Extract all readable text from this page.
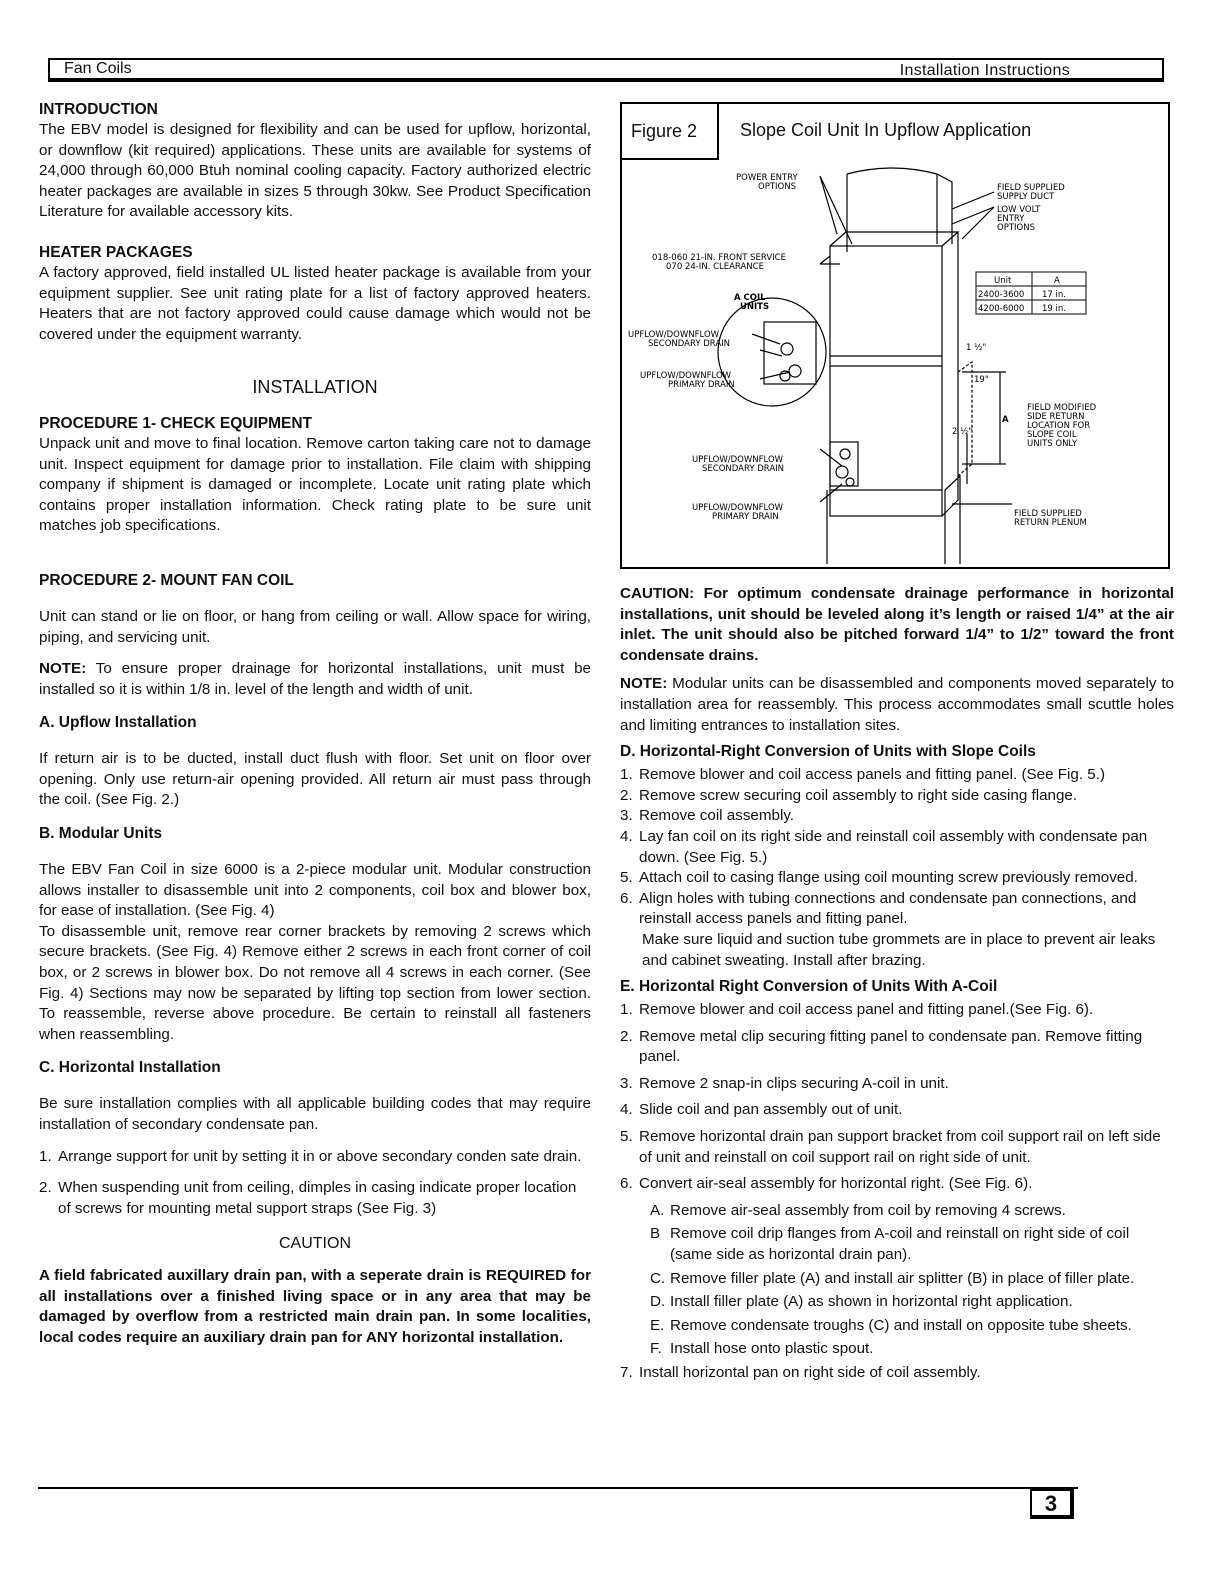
Fan Coils	Installation Instructions
INTRODUCTION

The EBV model is designed for flexibility and can be used for upflow, horizontal, or downflow (kit required) applications. These units are available for systems of 24,000 through 60,000 Btuh nominal cooling capacity. Factory authorized electric heater packages are available in sizes 5 through 30kw. See Product Specification Literature for available accessory kits.

HEATER PACKAGES

A factory approved, field installed UL listed heater package is available from your equipment supplier. See unit rating plate for a list of factory approved heaters. Heaters that are not factory approved could cause damage which would not be covered under the equipment warranty.

INSTALLATION
PROCEDURE 1- CHECK EQUIPMENT

Unpack unit and move to final location. Remove carton taking care not to damage unit. Inspect equipment for damage prior to installation. File claim with shipping company if shipment is damaged or incomplete. Locate unit rating plate which contains proper installation information. Check rating plate to be sure unit matches job specifications.

PROCEDURE 2- MOUNT FAN COIL

Unit can stand or lie on floor, or hang from ceiling or wall. Allow space for wiring, piping, and servicing unit.

NOTE: To ensure proper drainage for horizontal installations, unit must be installed so it is within 1/8 in. level of the length and width of unit.

A. Upflow Installation

If return air is to be ducted, install duct flush with floor. Set unit on floor over opening. Only use return-air opening provided. All return air must pass through the coil. (See Fig. 2.)

B. Modular Units

The EBV Fan Coil in size 6000 is a 2-piece modular unit. Modular construction allows installer to disassemble unit into 2 components, coil box and blower box, for ease of installation. (See Fig. 4)

To disassemble unit, remove rear corner brackets by removing 2 screws which secure brackets. (See Fig. 4) Remove either 2 screws in each front corner of coil box, or 2 screws in blower box. Do not remove all 4 screws in each corner. (See Fig. 4) Sections may now be separated by lifting top section from lower section. To reassemble, reverse above procedure. Be certain to reinstall all fasteners when reassembling.

C. Horizontal Installation

Be sure installation complies with all applicable building codes that may require installation of secondary condensate pan.

1. Arrange support for unit by setting it in or above secondary conden sate drain.
2. When suspending unit from ceiling, dimples in casing indicate proper location of screws for mounting metal support straps (See Fig. 3)

CAUTION

A field fabricated auxillary drain pan, with a seperate drain is REQUIRED for all installations over a finished living space or in any area that may be damaged by overflow from a restricted main drain pan. In some localities, local codes require an auxiliary drain pan for ANY horizontal installation.

Figure 2	Slope Coil Unit In Upflow Application
POWER ENTRY
OPTIONS	FIELD SUPPLIED
SUPPLY DUCT
LOW VOLT
ENTRY
OPTIONS
018-060 21-IN. FRONT SERVICE
070 24-IN. CLEARANCE
A COIL
UNITS
UPFLOW/DOWNFLOW
SECONDARY DRAIN
UPFLOW/DOWNFLOW
PRIMARY DRAIN
UPFLOW/DOWNFLOW
SECONDARY DRAIN
UPFLOW/DOWNFLOW
PRIMARY DRAIN
1 ½"
19"
2 ½"
A
FIELD MODIFIED
SIDE RETURN
LOCATION FOR
SLOPE COIL
UNITS ONLY
FIELD SUPPLIED
RETURN PLENUM
Unit	A
2400-3600 17 in.
4200-6000 19 in.

CAUTION: For optimum condensate drainage performance in horizontal installations, unit should be leveled along it’s length or raised 1/4” at the air inlet. The unit should also be pitched forward 1/4” to 1/2” toward the front condensate drains.

NOTE: Modular units can be disassembled and components moved separately to installation area for reassembly. This process accommodates small scuttle holes and limiting entrances to installation sites.

D. Horizontal-Right Conversion of Units with Slope Coils
1. Remove blower and coil access panels and fitting panel. (See Fig. 5.)
2. Remove screw securing coil assembly to right side casing flange.
3. Remove coil assembly.
4. Lay fan coil on its right side and reinstall coil assembly with condensate pan down. (See Fig. 5.)
5. Attach coil to casing flange using coil mounting screw previously removed.
6. Align holes with tubing connections and condensate pan connections, and reinstall access panels and fitting panel.

Make sure liquid and suction tube grommets are in place to prevent air leaks and cabinet sweating. Install after brazing.

E. Horizontal Right Conversion of Units With A-Coil
1. Remove blower and coil access panel and fitting panel.(See Fig. 6).
2. Remove metal clip securing fitting panel to condensate pan. Remove fitting panel.
3. Remove 2 snap-in clips securing A-coil in unit.
4. Slide coil and pan assembly out of unit.
5. Remove horizontal drain pan support bracket from coil support rail on left side of unit and reinstall on coil support rail on right side of unit.
6. Convert air-seal assembly for horizontal right. (See Fig. 6).
A. Remove air-seal assembly from coil by removing 4 screws.
B Remove coil drip flanges from A-coil and reinstall on right side of coil (same side as horizontal drain pan).
C. Remove filler plate (A) and install air splitter (B) in place of filler plate.
D. Install filler plate (A) as shown in horizontal right application.
E. Remove condensate troughs (C) and install on opposite tube sheets.
F. Install hose onto plastic spout.
7. Install horizontal pan on right side of coil assembly.
3
